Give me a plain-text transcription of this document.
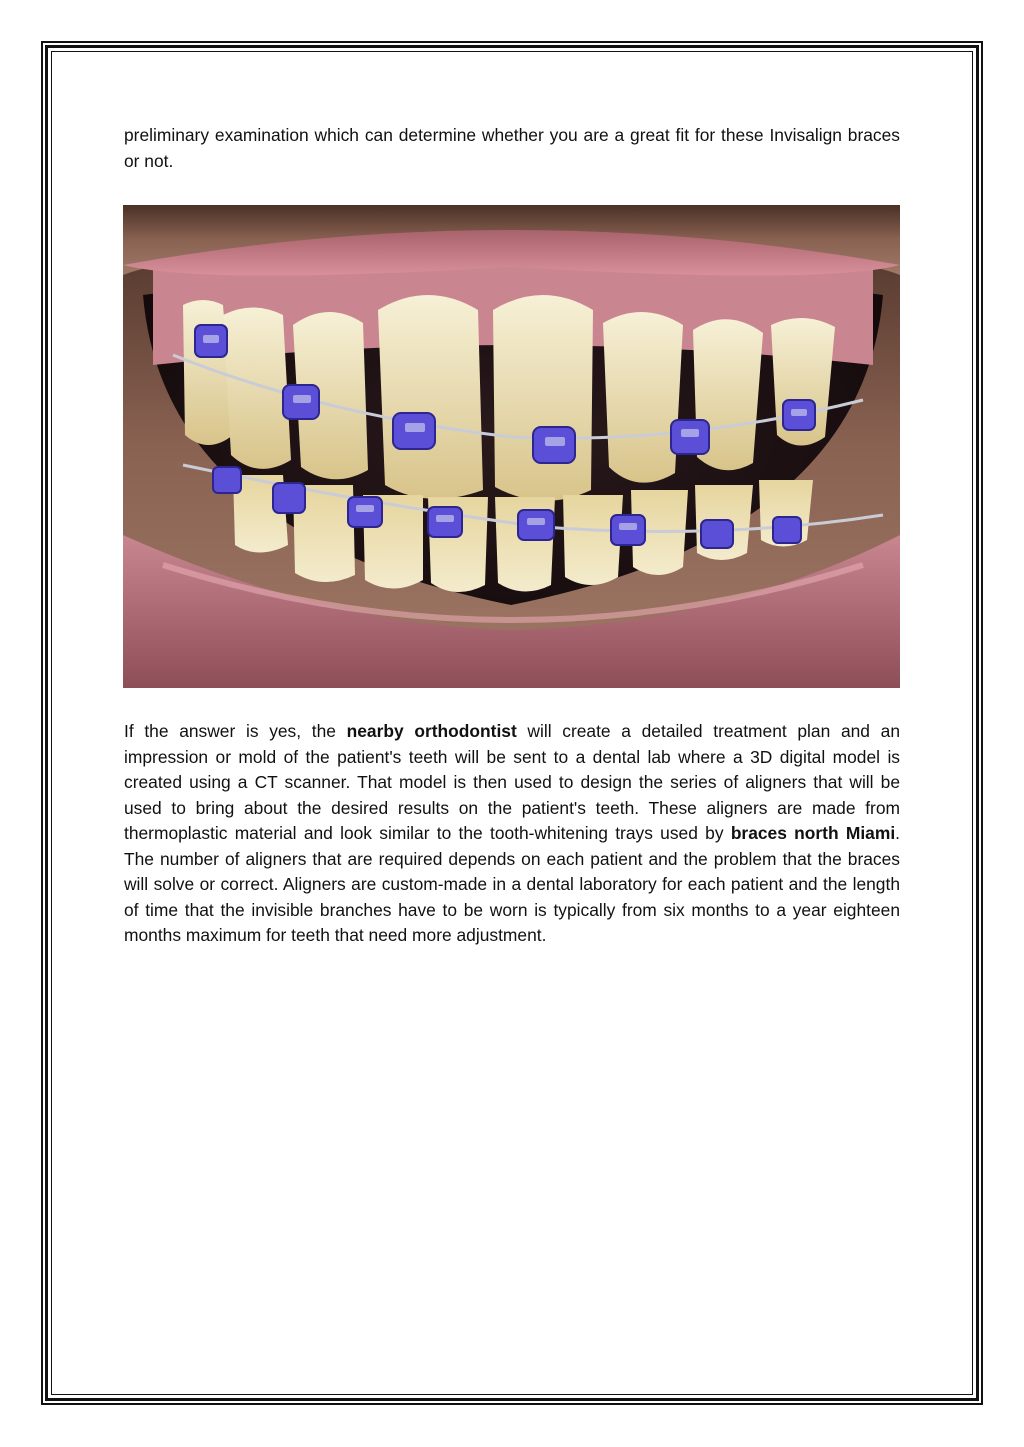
preliminary examination which can determine whether you are a great fit for these Invisalign braces or not.

If the answer is yes, the nearby orthodontist will create a detailed treatment plan and an impression or mold of the patient's teeth will be sent to a dental lab where a 3D digital model is created using a CT scanner. That model is then used to design the series of aligners that will be used to bring about the desired results on the patient's teeth. These aligners are made from thermoplastic material and look similar to the tooth-whitening trays used by braces north Miami. The number of aligners that are required depends on each patient and the problem that the braces will solve or correct. Aligners are custom-made in a dental laboratory for each patient and the length of time that the invisible branches have to be worn is typically from six months to a year eighteen months maximum for teeth that need more adjustment.
